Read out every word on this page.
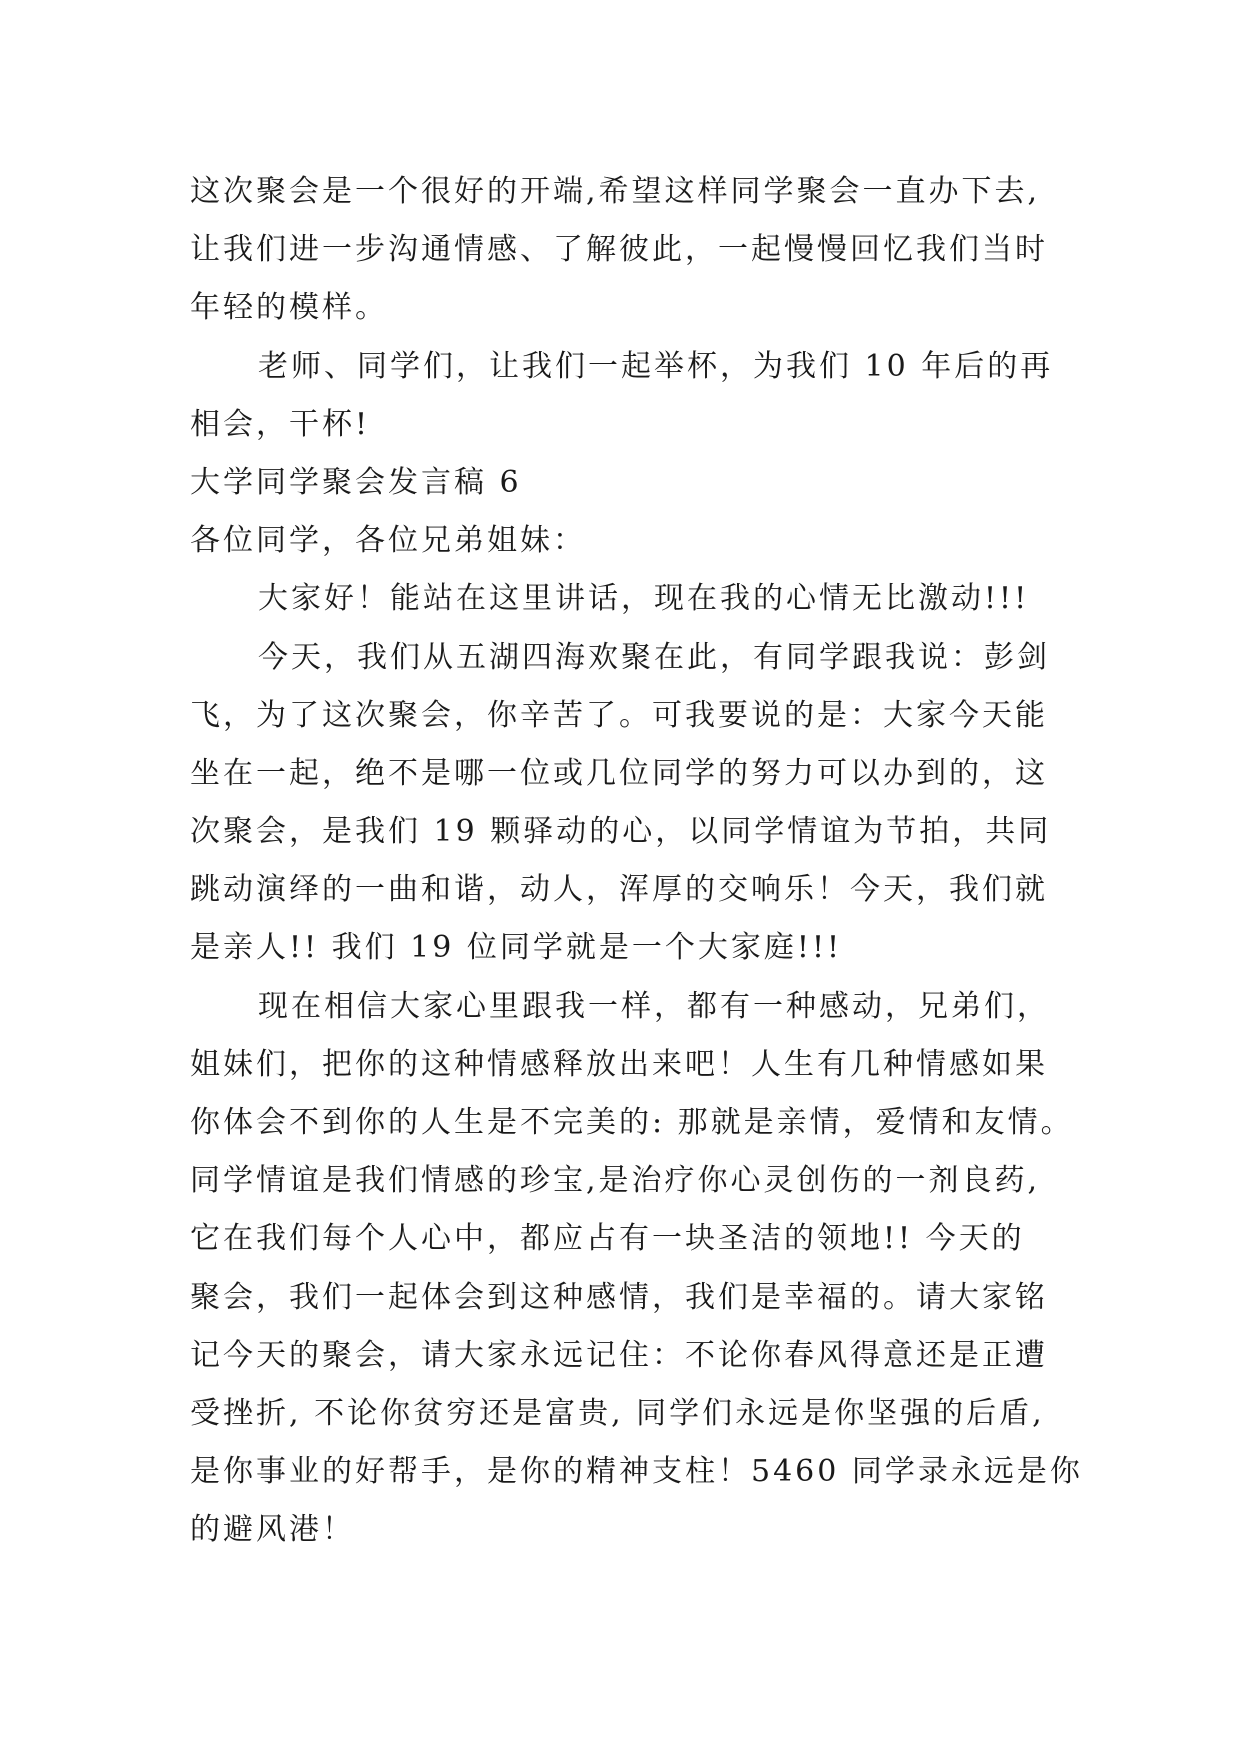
这次聚会是一个很好的开端,希望这样同学聚会一直办下去,
让我们进一步沟通情感、了解彼此，一起慢慢回忆我们当时
年轻的模样。
老师、同学们，让我们一起举杯，为我们 10 年后的再
相会，干杯!
大学同学聚会发言稿 6
各位同学，各位兄弟姐妹：
大家好！能站在这里讲话，现在我的心情无比激动!!!
今天，我们从五湖四海欢聚在此，有同学跟我说：彭剑
飞，为了这次聚会，你辛苦了。可我要说的是：大家今天能
坐在一起，绝不是哪一位或几位同学的努力可以办到的，这
次聚会，是我们 19 颗驿动的心，以同学情谊为节拍，共同
跳动演绎的一曲和谐，动人，浑厚的交响乐！今天，我们就
是亲人!! 我们 19 位同学就是一个大家庭!!!
现在相信大家心里跟我一样，都有一种感动，兄弟们，
姐妹们，把你的这种情感释放出来吧！人生有几种情感如果
你体会不到你的人生是不完美的: 那就是亲情，爱情和友情。
同学情谊是我们情感的珍宝,是治疗你心灵创伤的一剂良药,
它在我们每个人心中，都应占有一块圣洁的领地!! 今天的
聚会，我们一起体会到这种感情，我们是幸福的。请大家铭
记今天的聚会，请大家永远记住：不论你春风得意还是正遭
受挫折, 不论你贫穷还是富贵, 同学们永远是你坚强的后盾,
是你事业的好帮手，是你的精神支柱！5460 同学录永远是你
的避风港！
